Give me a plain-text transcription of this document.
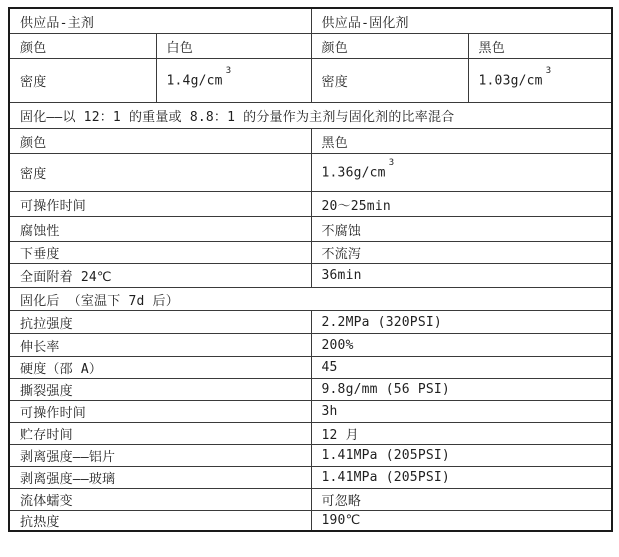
供应品-主剂		供应品-固化剂	
颜色	白色	颜色	黑色
密度	$1.4g/cm^3$	密度	$1.03g/cm^3$
固化——以 12：1 的重量或 8.8：1 的分量作为主剂与固化剂的比率混合			
颜色		黑色	
密度		$1.36g/cm^3$
可操作时间		20～25min	
腐蚀性		不腐蚀	
下垂度		不流泻	
全面附着 24℃		36min	
固化后 （室温下 7d 后）			
抗拉强度		2.2MPa (320PSI)	
伸长率		200%	
硬度（邵 A）		45	
撕裂强度		9.8g/mm (56 PSI)	
可操作时间		3h	
贮存时间		12 月	
剥离强度——铝片		1.41MPa (205PSI)	
剥离强度——玻璃		1.41MPa (205PSI)	
流体蠕变		可忽略	
抗热度		190℃	
